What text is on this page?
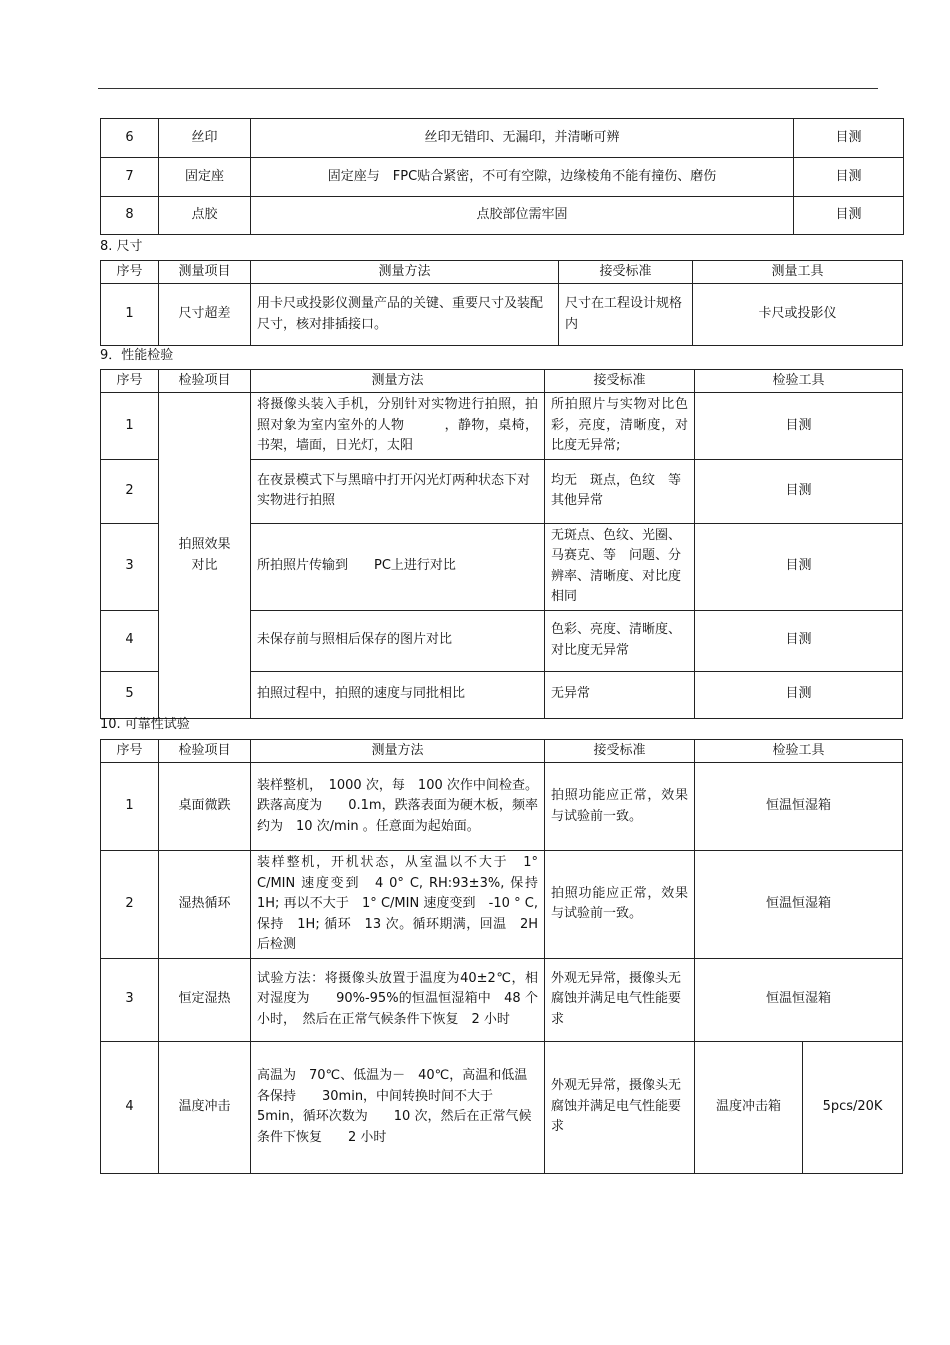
6	丝印	丝印无错印、无漏印，并清晰可辨	目测
7	固定座	固定座与　FPC贴合紧密，不可有空隙，边缘棱角不能有撞伤、磨伤	目测
8	点胶	点胶部位需牢固	目测
8. 尺寸
序号	测量项目	测量方法	接受标准	测量工具
1	尺寸超差	用卡尺或投影仪测量产品的关键、重要尺寸及装配尺寸，核对排插接口。	尺寸在工程设计规格内	卡尺或投影仪
9．性能检验
序号	检验项目	测量方法	接受标准	检验工具
1	拍照效果对比	将摄像头装入手机，分别针对实物进行拍照，拍照对象为室内室外的人物　　　，静物，桌椅，书架，墙面，日光灯，太阳	所拍照片与实物对比色彩，亮度，清晰度，对比度无异常;	目测
2		在夜景模式下与黑暗中打开闪光灯两种状态下对实物进行拍照	均无　斑点，色纹　等其他异常	目测
3		所拍照片传输到　　PC上进行对比	无斑点、色纹、光圈、马赛克、等　问题、分辨率、清晰度、对比度相同	目测
4		未保存前与照相后保存的图片对比	色彩、亮度、清晰度、对比度无异常	目测
5		拍照过程中，拍照的速度与同批相比	无异常	目测
10. 可靠性试验
序号	检验项目	测量方法	接受标准	检验工具	
1	桌面微跌	装样整机，　1000 次，每　100 次作中间检查。跌落高度为　　0.1m，跌落表面为硬木板，频率约为　10 次/min 。任意面为起始面。	拍照功能应正常，效果与试验前一致。	恒温恒湿箱	
2	湿热循环	装样整机，开机状态，从室温以不大于　1° C/MIN 速度变到　4 0° C, RH:93±3%, 保持　1H; 再以不大于　1° C/MIN 速度变到　-10 ° C, 保持　1H; 循环　13 次。循环期满，回温　2H 后检测	拍照功能应正常，效果与试验前一致。	恒温恒湿箱	
3	恒定湿热	试验方法：将摄像头放置于温度为40±2℃，相对湿度为　　90%-95%的恒温恒湿箱中　48 个小时，　然后在正常气候条件下恢复　2 小时	外观无异常，摄像头无腐蚀并满足电气性能要求	恒温恒湿箱	
4	温度冲击	高温为　70℃、低温为－　40℃，高温和低温各保持　　30min，中间转换时间不大于5min，循环次数为　　10 次，然后在正常气候条件下恢复　　2 小时	外观无异常，摄像头无腐蚀并满足电气性能要求	温度冲击箱	5pcs/20K
